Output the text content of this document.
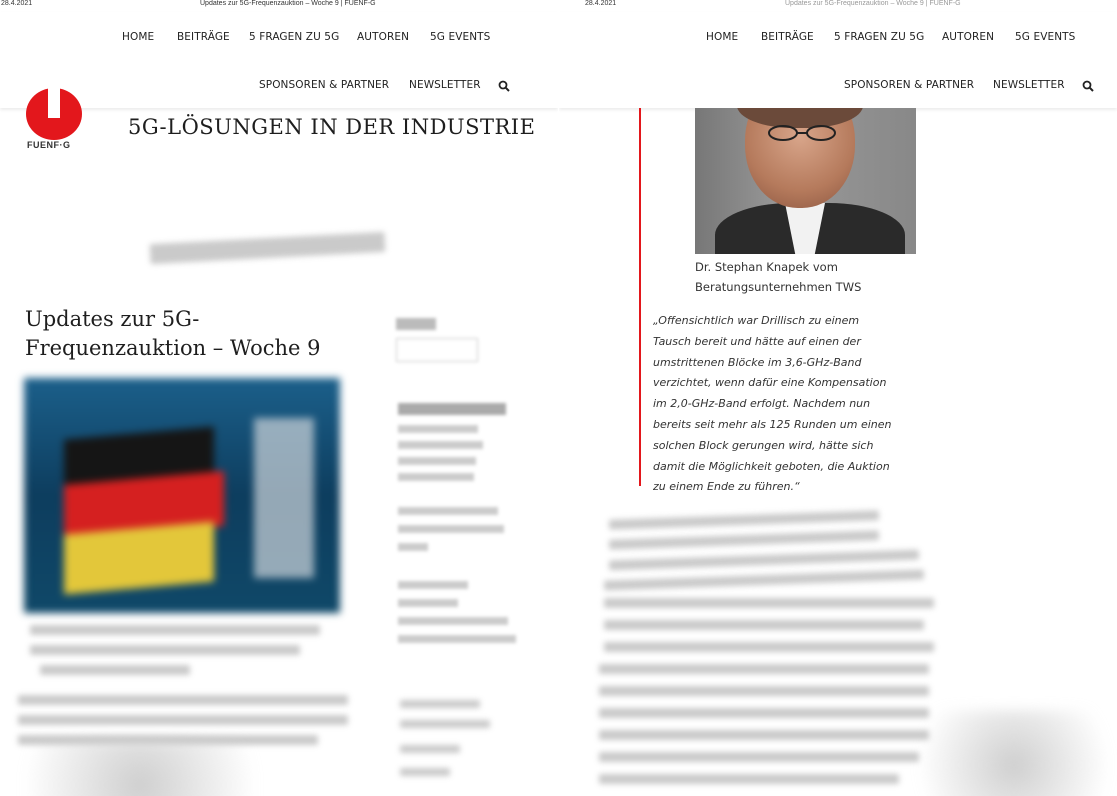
28.4.2021	Updates zur 5G-Frequenzauktion – Woche 9 | FUENF-G
HOME BEITRÄGE 5 FRAGEN ZU 5G AUTOREN 5G EVENTS
SPONSOREN & PARTNER NEWSLETTER
FUENF·G
5G-LÖSUNGEN IN DER INDUSTRIE
Updates zur 5G-Frequenzauktion – Woche 9
28.4.2021	Updates zur 5G-Frequenzauktion – Woche 9 | FUENF-G
HOME BEITRÄGE 5 FRAGEN ZU 5G AUTOREN 5G EVENTS
SPONSOREN & PARTNER NEWSLETTER
Dr. Stephan Knapek vom Beratungsunternehmen TWS
„Offensichtlich war Drillisch zu einem Tausch bereit und hätte auf einen der umstrittenen Blöcke im 3,6-GHz-Band verzichtet, wenn dafür eine Kompensation im 2,0-GHz-Band erfolgt. Nachdem nun bereits seit mehr als 125 Runden um einen solchen Block gerungen wird, hätte sich damit die Möglichkeit geboten, die Auktion zu einem Ende zu führen.“
